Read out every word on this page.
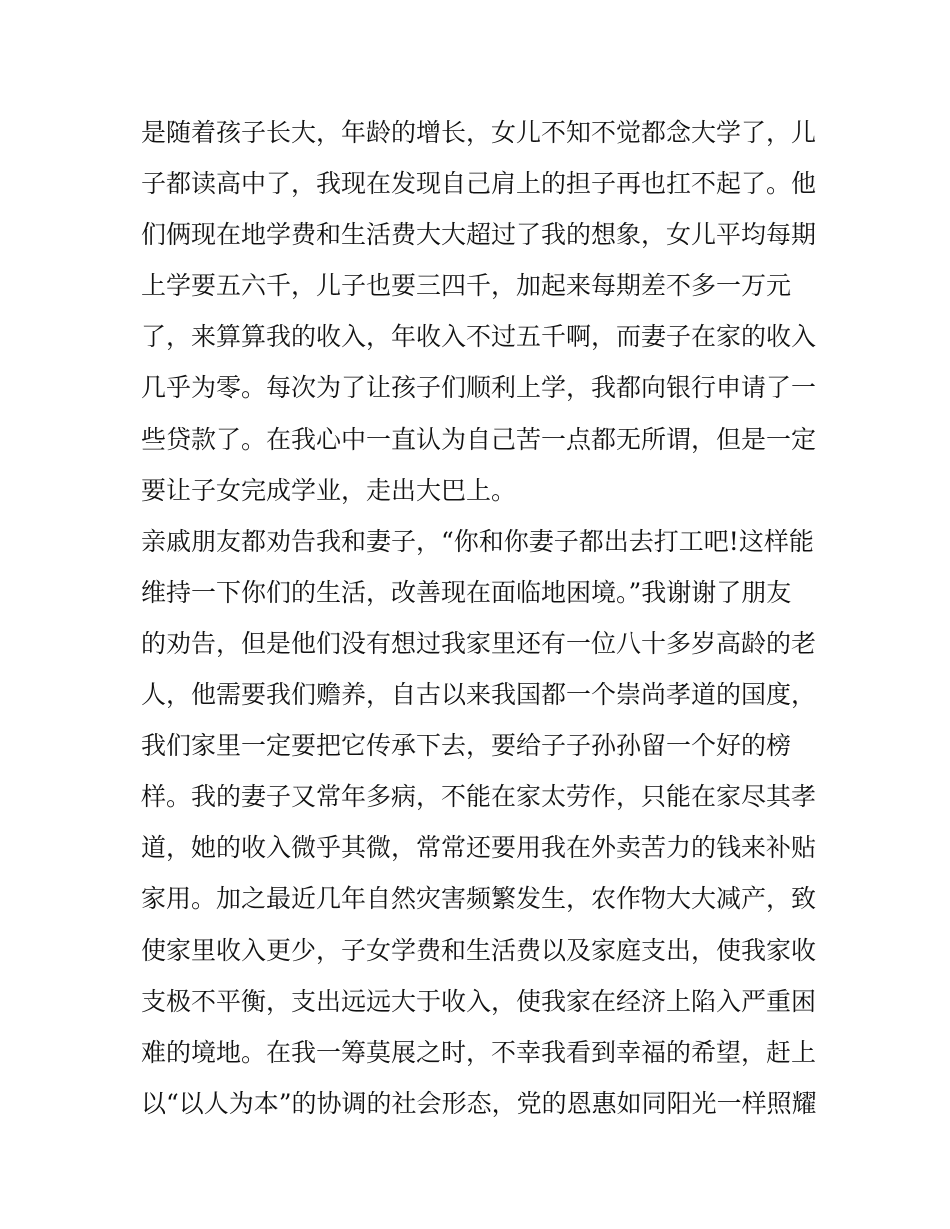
是随着孩子长大，年龄的增长，女儿不知不觉都念大学了，儿
子都读高中了，我现在发现自己肩上的担子再也扛不起了。他
们俩现在地学费和生活费大大超过了我的想象，女儿平均每期
上学要五六千，儿子也要三四千，加起来每期差不多一万元
了，来算算我的收入，年收入不过五千啊，而妻子在家的收入
几乎为零。每次为了让孩子们顺利上学，我都向银行申请了一
些贷款了。在我心中一直认为自己苦一点都无所谓，但是一定
要让子女完成学业，走出大巴上。
亲戚朋友都劝告我和妻子，“你和你妻子都出去打工吧!这样能
维持一下你们的生活，改善现在面临地困境。”我谢谢了朋友
的劝告，但是他们没有想过我家里还有一位八十多岁高龄的老
人，他需要我们赡养，自古以来我国都一个崇尚孝道的国度，
我们家里一定要把它传承下去，要给子子孙孙留一个好的榜
样。我的妻子又常年多病，不能在家太劳作，只能在家尽其孝
道，她的收入微乎其微，常常还要用我在外卖苦力的钱来补贴
家用。加之最近几年自然灾害频繁发生，农作物大大减产，致
使家里收入更少，子女学费和生活费以及家庭支出，使我家收
支极不平衡，支出远远大于收入，使我家在经济上陷入严重困
难的境地。在我一筹莫展之时，不幸我看到幸福的希望，赶上
以“以人为本”的协调的社会形态，党的恩惠如同阳光一样照耀
